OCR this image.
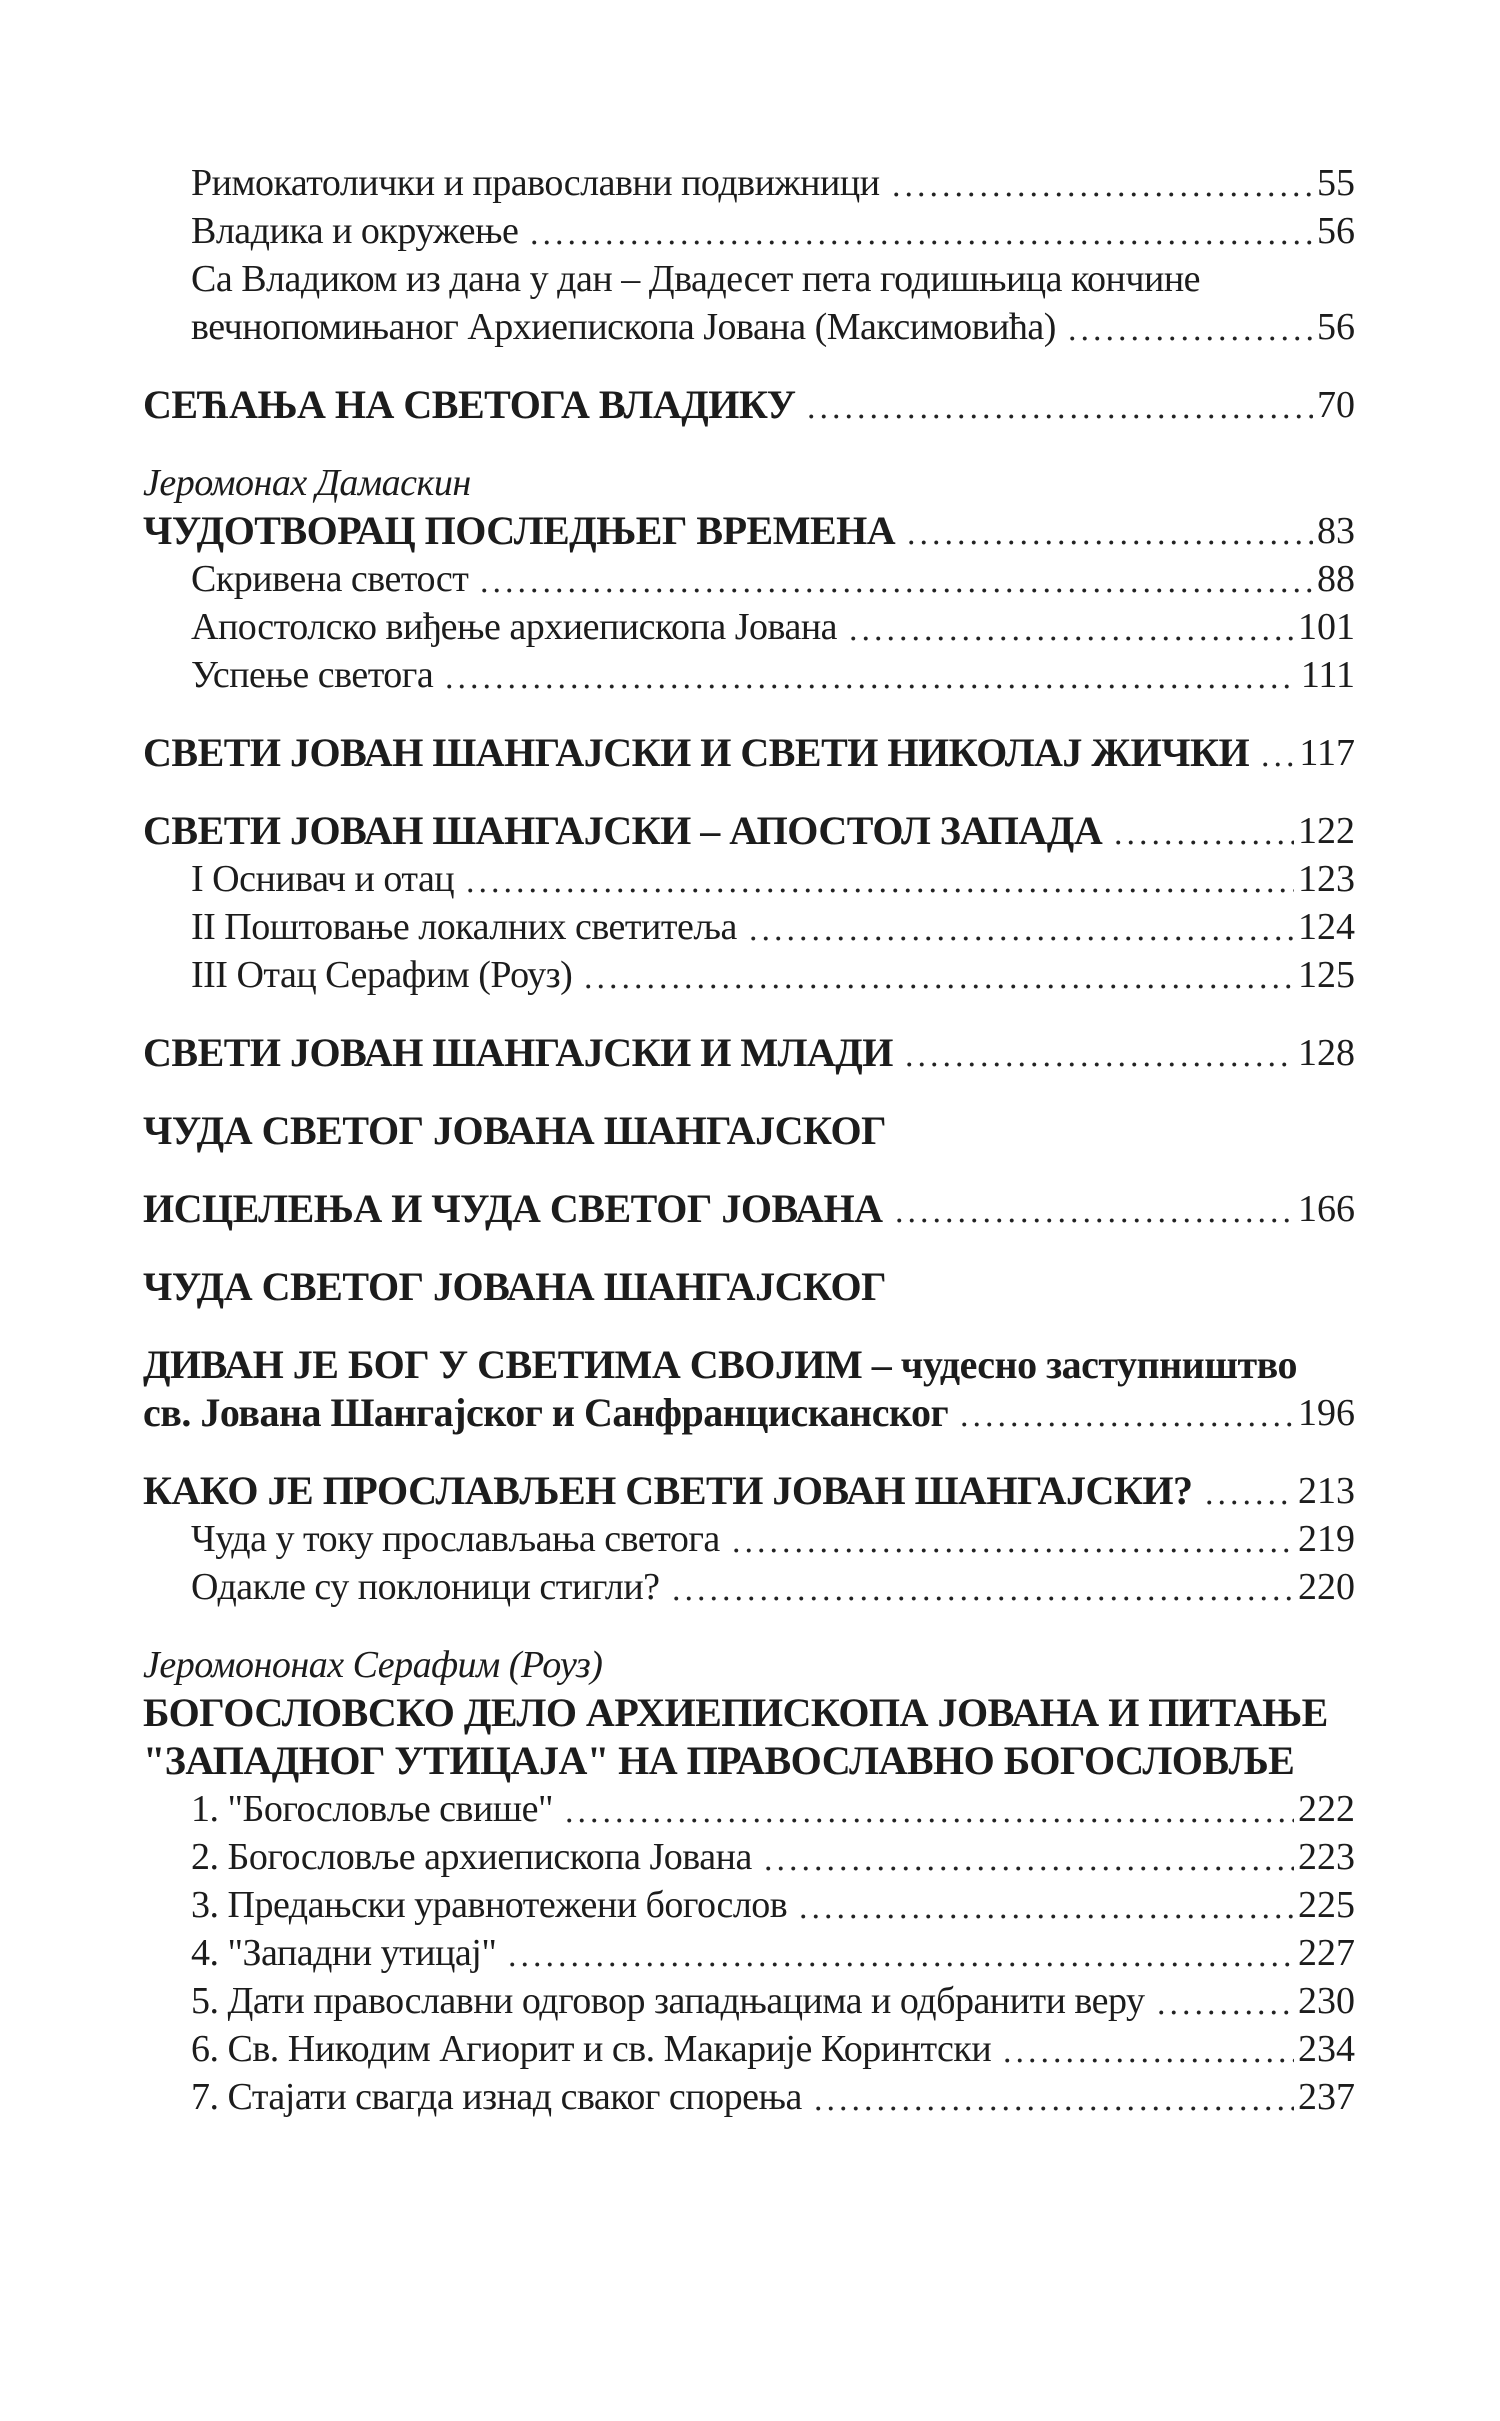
Римокатолички и православни подвижници	55
Владика и окружење	56
Са Владиком из дана у дан – Двадесет пета годишњица кончине
вечнопомињаног Архиепископа Јована (Максимовића)	56
СЕЋАЊА НА СВЕТОГА ВЛАДИКУ	70
Јеромонах Дамаскин
ЧУДОТВОРАЦ ПОСЛЕДЊЕГ ВРЕМЕНА	83
Скривена светост	88
Апостолско виђење архиепископа Јована	101
Успење светога	111
СВЕТИ ЈОВАН ШАНГАЈСКИ И СВЕТИ НИКОЛАЈ ЖИЧКИ 117
СВЕТИ ЈОВАН ШАНГАЈСКИ – АПОСТОЛ ЗАПАДА	122
I Оснивач и отац	123
II Поштовање локалних светитеља	124
III Отац Серафим (Роуз)	125
СВЕТИ ЈОВАН ШАНГАЈСКИ И МЛАДИ	128
ЧУДА СВЕТОГ ЈОВАНА ШАНГАЈСКОГ
ИСЦЕЛЕЊА И ЧУДА СВЕТОГ ЈОВАНА	166
ЧУДА СВЕТОГ ЈОВАНА ШАНГАЈСКОГ
ДИВАН ЈЕ БОГ У СВЕТИМА СВОЈИМ – чудесно заступништво
св. Јована Шангајског и Санфранцисканског	196
КАКО ЈЕ ПРОСЛАВЉЕН СВЕТИ ЈОВАН ШАНГАЈСКИ?	213
Чуда у току прослављања светога	219
Одакле су поклоници стигли?	220
Јеромононах Серафим (Роуз)
БОГОСЛОВСКО ДЕЛО АРХИЕПИСКОПА ЈОВАНА И ПИТАЊЕ
"ЗАПАДНОГ УТИЦАЈА" НА ПРАВОСЛАВНО БОГОСЛОВЉЕ
1. "Богословље свише"	222
2. Богословље архиепископа Јована	223
3. Предањски уравнотежени богослов	225
4. "Западни утицај"	227
5. Дати православни одговор западњацима и одбранити веру	230
6. Св. Никодим Агиорит и св. Макарије Коринтски	234
7. Стајати свагда изнад сваког спорења	237
